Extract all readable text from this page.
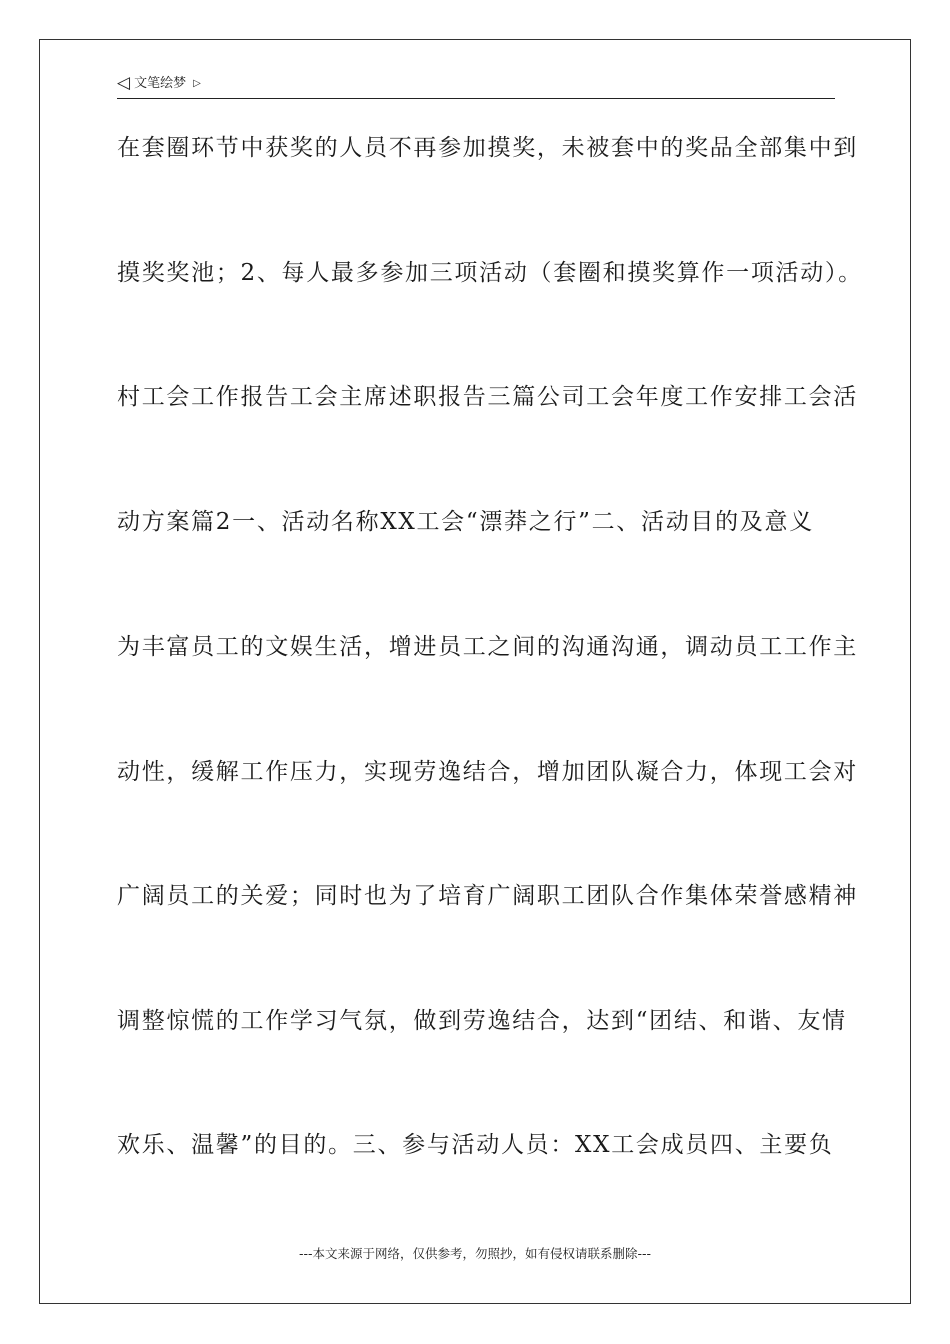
◁ 文笔绘梦 ▷
在套圈环节中获奖的人员不再参加摸奖，未被套中的奖品全部集中到
摸奖奖池；2、每人最多参加三项活动（套圈和摸奖算作一项活动）。
村工会工作报告工会主席述职报告三篇公司工会年度工作安排工会活
动方案篇2一、活动名称XX工会“漂莽之行”二、活动目的及意义
为丰富员工的文娱生活，增进员工之间的沟通沟通，调动员工工作主
动性，缓解工作压力，实现劳逸结合，增加团队凝合力，体现工会对
广阔员工的关爱；同时也为了培育广阔职工团队合作集体荣誉感精神
调整惊慌的工作学习气氛，做到劳逸结合，达到“团结、和谐、友情
欢乐、温馨”的目的。三、参与活动人员：XX工会成员四、主要负
---本文来源于网络，仅供参考，勿照抄，如有侵权请联系删除---
